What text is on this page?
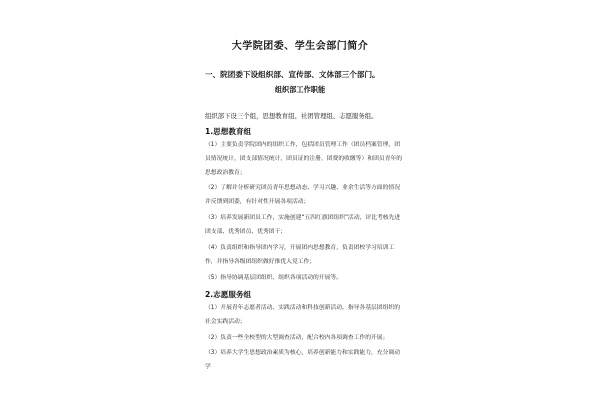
大学院团委、学生会部门简介
一、院团委下设组织部、宣传部、文体部三个部门。
组织部工作职能
组织部下设三个组，思想教育组、社团管理组、志愿服务组。
1.思想教育组
（1）主要负责学院团内的组织工作，包括团员管理工作（团员档案管理，团员情况统计，团支部情况统计，团员证的注册，团费的收缴等）和团员青年的思想政治教育；
（2）了解并分析研究团员青年思想动态、学习兴趣、业余生活等方面的情况并反馈到团委，有针对性开展各项活动；
（3）培养发展新团员工作，实施创建“五四红旗团组织”活动，评比考核先进团支部、优秀团员、优秀团干；
（4）负责组织和指导团内学习，开展团内思想教育，负责团校学习培训工作，并指导各级团组织做好推优入党工作；
（5）指导协调基层团组织、组织各项活动的开展等。
2.志愿服务组
（1）开展青年志愿者活动、实践活动和科技创新活动，指导各基层团组织的社会实践活动；
（2）负责一些全校型的大型调查活动，配合校内各项调查工作的开展；
（3）培养大学生思想政治素质为核心，培养创新能力和实践能力，充分调动学
